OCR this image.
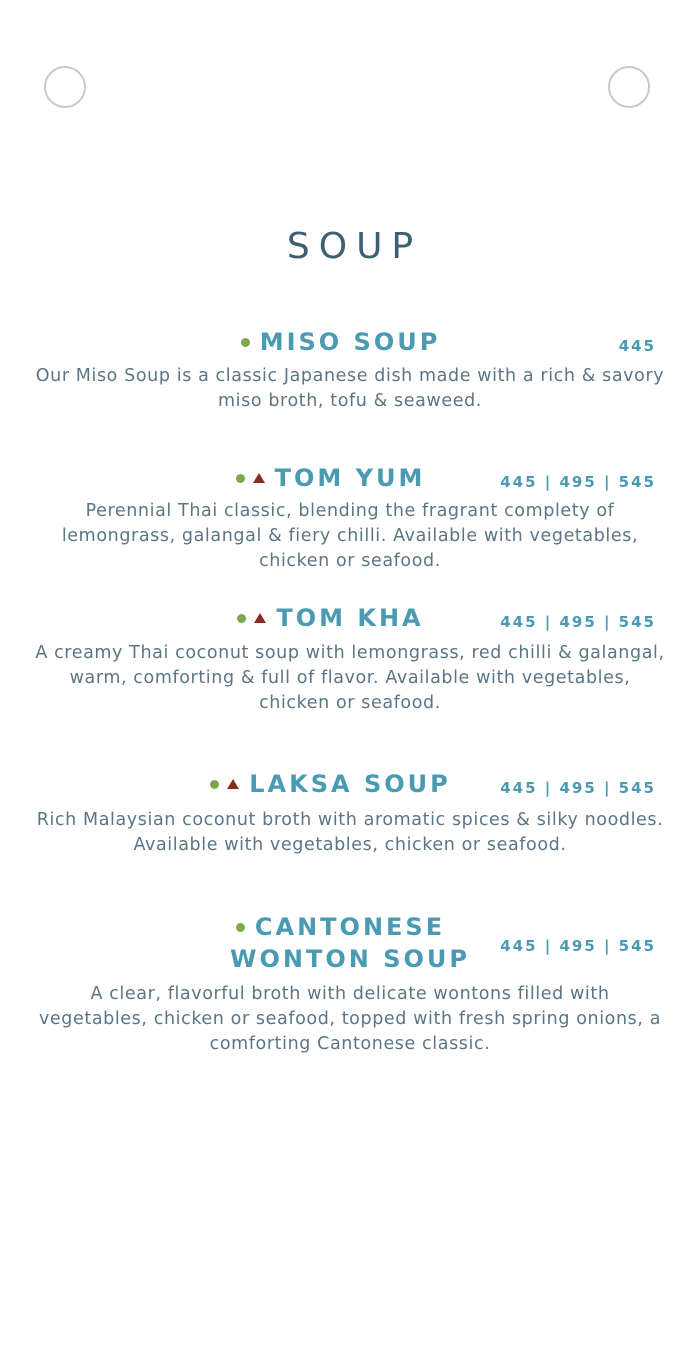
SOUP
MISO SOUP	445
Our Miso Soup is a classic Japanese dish made with a rich & savory miso broth, tofu & seaweed.
TOM YUM	445 | 495 | 545
Perennial Thai classic, blending the fragrant complety of lemongrass, galangal & fiery chilli. Available with vegetables, chicken or seafood.
TOM KHA	445 | 495 | 545
A creamy Thai coconut soup with lemongrass, red chilli & galangal, warm, comforting & full of flavor. Available with vegetables, chicken or seafood.
LAKSA SOUP	445 | 495 | 545
Rich Malaysian coconut broth with aromatic spices & silky noodles. Available with vegetables, chicken or seafood.
CANTONESE
WONTON SOUP	445 | 495 | 545
A clear, flavorful broth with delicate wontons filled with vegetables, chicken or seafood, topped with fresh spring onions, a comforting Cantonese classic.
